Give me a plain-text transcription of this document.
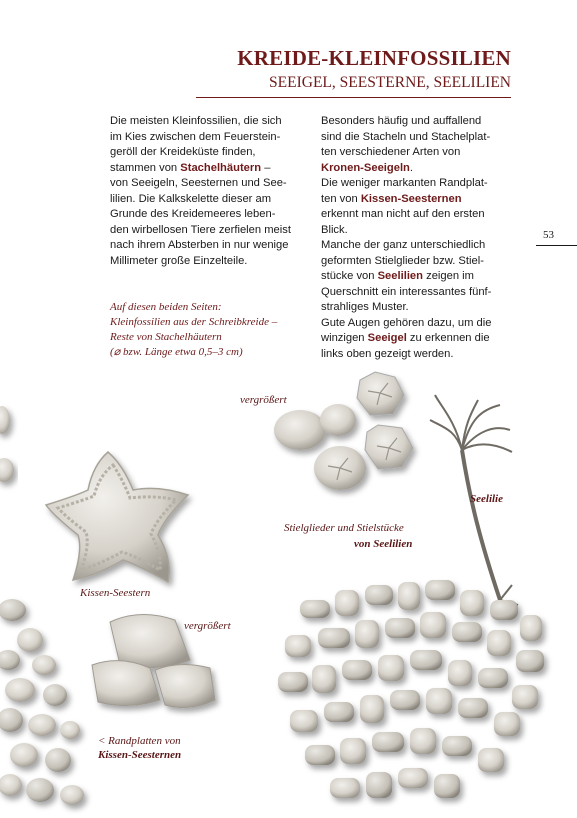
KREIDE-KLEINFOSSILIEN
SEEIGEL, SEESTERNE, SEELILIEN
53
Die meisten Kleinfossilien, die sich
im Kies zwischen dem Feuerstein-
geröll der Kreideküste finden,
stammen von Stachelhäutern –
von Seeigeln, Seesternen und See-
lilien. Die Kalkskelette dieser am
Grunde des Kreidemeeres leben-
den wirbellosen Tiere zerfielen meist
nach ihrem Absterben in nur wenige
Millimeter große Einzelteile.
Besonders häufig und auffallend
sind die Stacheln und Stachelplat-
ten verschiedener Arten von
Kronen-Seeigeln.
Die weniger markanten Randplat-
ten von Kissen-Seesternen
erkennt man nicht auf den ersten
Blick.
Manche der ganz unterschiedlich
geformten Stielglieder bzw. Stiel-
stücke von Seelilien zeigen im
Querschnitt ein interessantes fünf-
strahliges Muster.
Gute Augen gehören dazu, um die
winzigen Seeigel zu erkennen die
links oben gezeigt werden.
Auf diesen beiden Seiten:
Kleinfossilien aus der Schreibkreide –
Reste von Stachelhäutern
(⌀ bzw. Länge etwa 0,5–3 cm)
vergrößert
Seelilie
Stielglieder und Stielstücke
von Seelilien
Kissen-Seestern
vergrößert
< Randplatten von
Kissen-Seesternen
